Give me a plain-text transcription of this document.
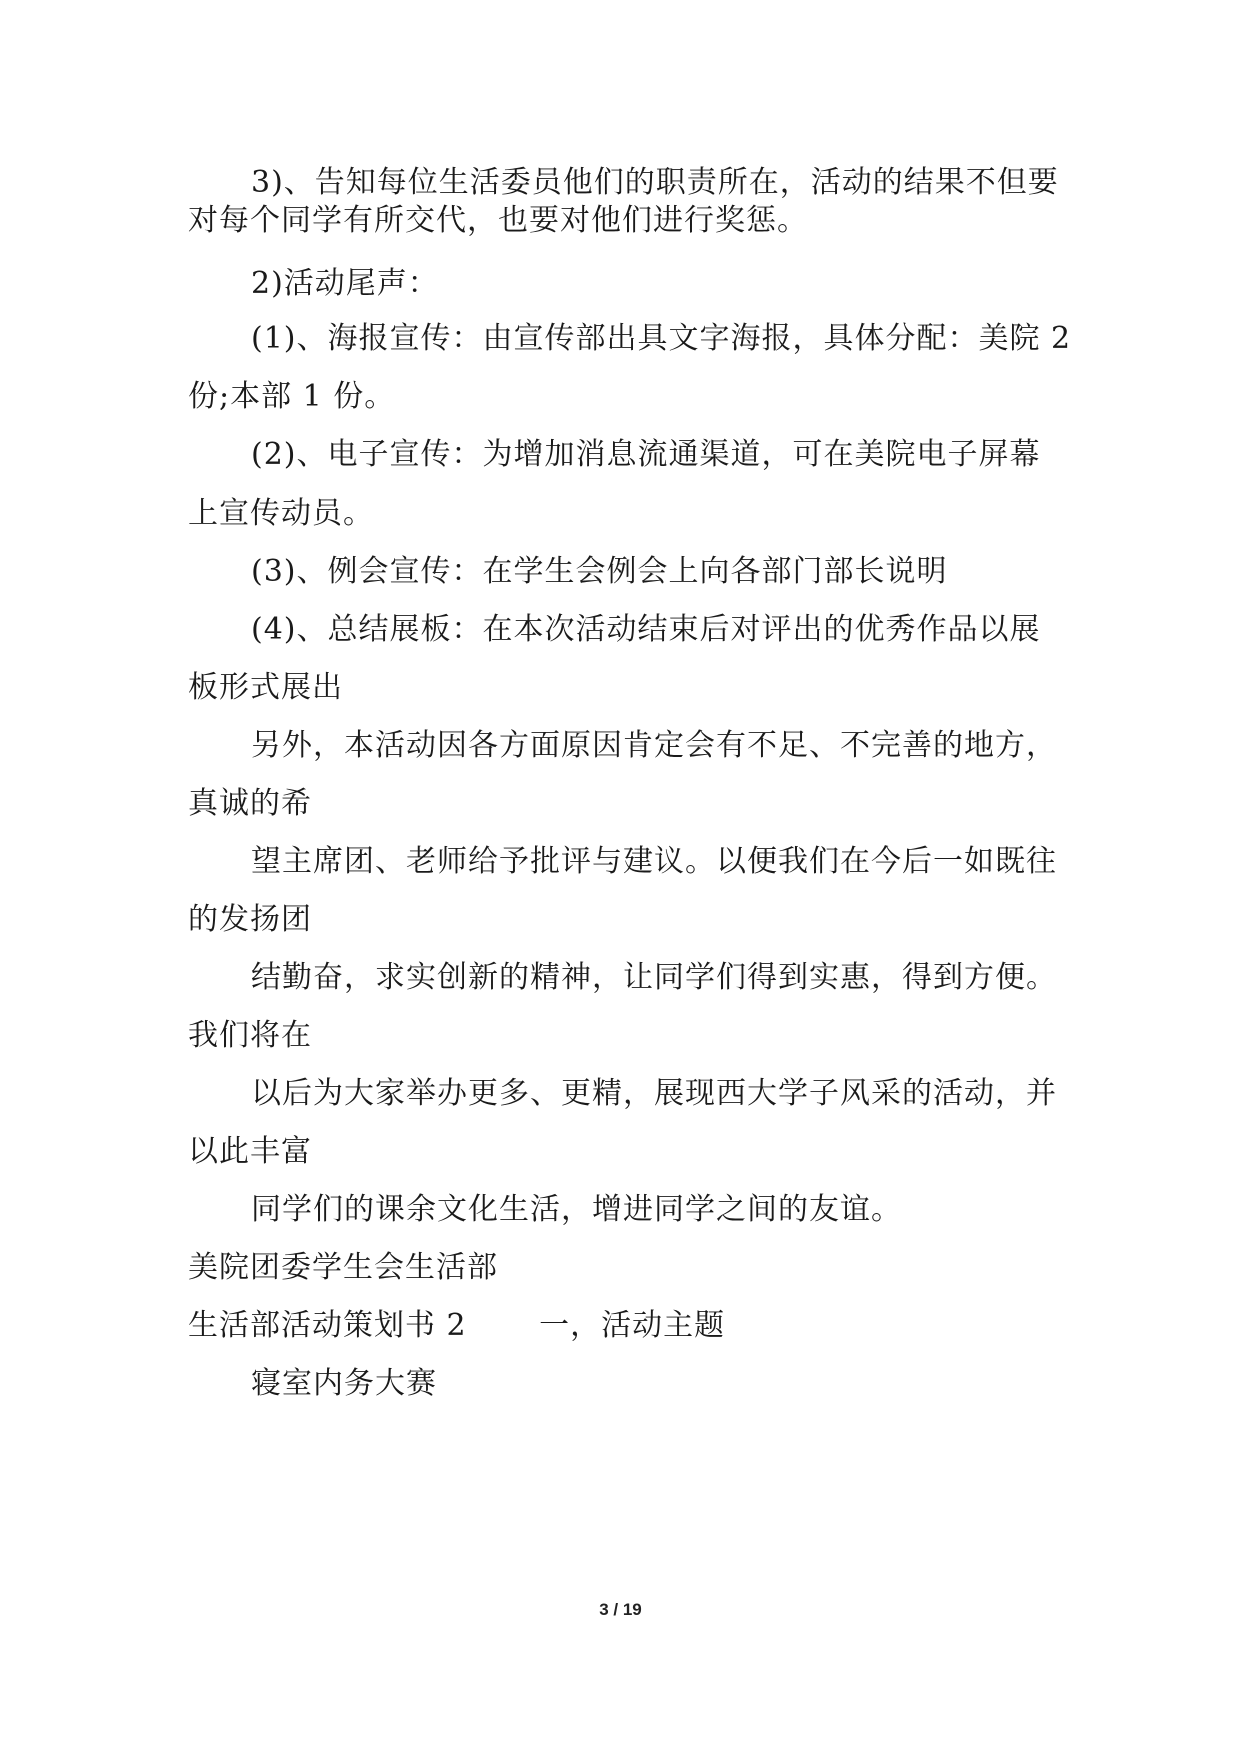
3)、告知每位生活委员他们的职责所在，活动的结果不但要
对每个同学有所交代，也要对他们进行奖惩。
2)活动尾声：
(1)、海报宣传：由宣传部出具文字海报，具体分配：美院 2
份;本部 1 份。
(2)、电子宣传：为增加消息流通渠道，可在美院电子屏幕
上宣传动员。
(3)、例会宣传：在学生会例会上向各部门部长说明
(4)、总结展板：在本次活动结束后对评出的优秀作品以展
板形式展出
另外，本活动因各方面原因肯定会有不足、不完善的地方，
真诚的希
望主席团、老师给予批评与建议。以便我们在今后一如既往
的发扬团
结勤奋，求实创新的精神，让同学们得到实惠，得到方便。
我们将在
以后为大家举办更多、更精，展现西大学子风采的活动，并
以此丰富
同学们的课余文化生活，增进同学之间的友谊。
美院团委学生会生活部
生活部活动策划书 2　　 一，活动主题
寝室内务大赛
3 / 19
